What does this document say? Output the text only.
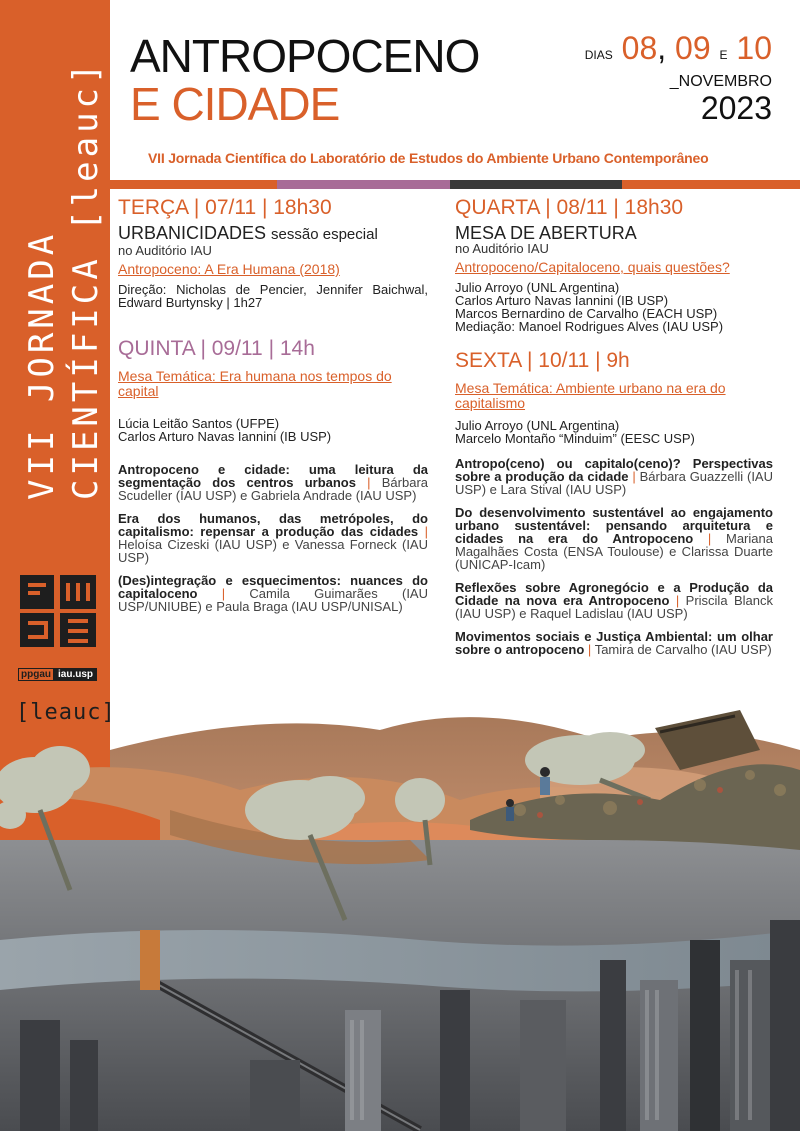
VII JORNADA CIENTÍFICA [leauc]
ppgau iau.usp
[leauc]
ANTROPOCENO
E CIDADE
DIAS 08, 09 E 10
_NOVEMBRO
2023
VII Jornada Científica do Laboratório de Estudos do Ambiente Urbano Contemporâneo
TERÇA | 07/11 | 18h30
URBANICIDADES sessão especial
no Auditório IAU
Antropoceno: A Era Humana (2018)
Direção: Nicholas de Pencier, Jennifer Baichwal, Edward Burtynsky | 1h27
QUINTA | 09/11 | 14h
Mesa Temática: Era humana nos tempos do capital
Lúcia Leitão Santos (UFPE)
Carlos Arturo Navas Iannini (IB USP)
Antropoceno e cidade: uma leitura da segmentação dos centros urbanos | Bárbara Scudeller (IAU USP) e Gabriela Andrade (IAU USP)
Era dos humanos, das metrópoles, do capitalismo: repensar a produção das cidades | Heloísa Cizeski (IAU USP) e Vanessa Forneck (IAU USP)
(Des)integração e esquecimentos: nuances do capitaloceno | Camila Guimarães (IAU USP/UNIUBE) e Paula Braga (IAU USP/UNISAL)
QUARTA | 08/11 | 18h30
MESA DE ABERTURA
no Auditório IAU
Antropoceno/Capitaloceno, quais questões?
Julio Arroyo (UNL Argentina)
Carlos Arturo Navas Iannini (IB USP)
Marcos Bernardino de Carvalho (EACH USP)
Mediação: Manoel Rodrigues Alves (IAU USP)
SEXTA | 10/11 | 9h
Mesa Temática: Ambiente urbano na era do capitalismo
Julio Arroyo (UNL Argentina)
Marcelo Montaño “Minduim” (EESC USP)
Antropo(ceno) ou capitalo(ceno)? Perspectivas sobre a produção da cidade | Bárbara Guazzelli (IAU USP) e Lara Stival (IAU USP)
Do desenvolvimento sustentável ao engajamento urbano sustentável: pensando arquitetura e cidades na era do Antropoceno | Mariana Magalhães Costa (ENSA Toulouse) e Clarissa Duarte (UNICAP-Icam)
Reflexões sobre Agronegócio e a Produção da Cidade na nova era Antropoceno | Priscila Blanck (IAU USP) e Raquel Ladislau (IAU USP)
Movimentos sociais e Justiça Ambiental: um olhar sobre o antropoceno | Tamira de Carvalho (IAU USP)
